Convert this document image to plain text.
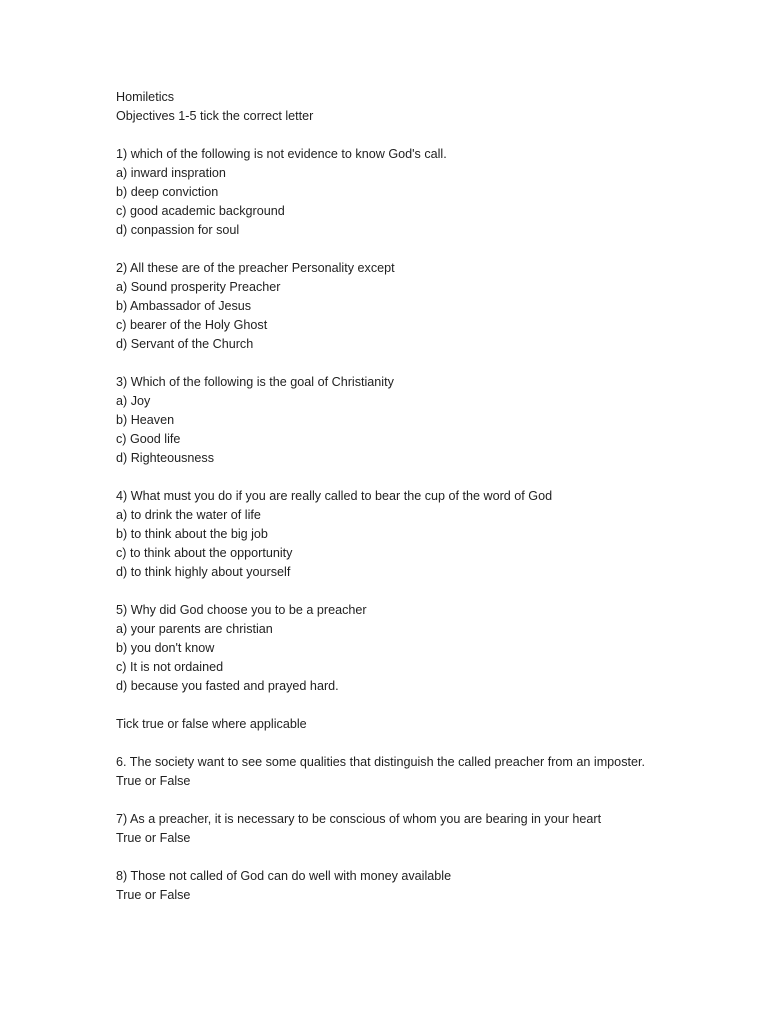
Homiletics
Objectives 1-5 tick the correct letter
1) which of the following is not evidence to know God's call.
a) inward inspration
b) deep conviction
c) good academic background
d) conpassion for soul
2) All these are of the preacher Personality except
a) Sound prosperity Preacher
b) Ambassador of Jesus
c) bearer of the Holy Ghost
d) Servant of the Church
3) Which of the following is the goal of Christianity
a) Joy
b) Heaven
c) Good life
d) Righteousness
4) What must you do if you are really called to bear the cup of the word of God
a) to drink the water of life
b) to think about the big job
c) to think about the opportunity
d) to think highly about yourself
5) Why did God choose you to be a preacher
a) your parents are christian
b) you don't know
c) It is not ordained
d) because you fasted and prayed hard.
Tick true or false where applicable
6. The society want to see some qualities that distinguish the called preacher from an imposter.
True or False
7) As a preacher, it is necessary to be conscious of whom you are bearing in your heart
True or False
8) Those not called of God can do well with money available
True or False
